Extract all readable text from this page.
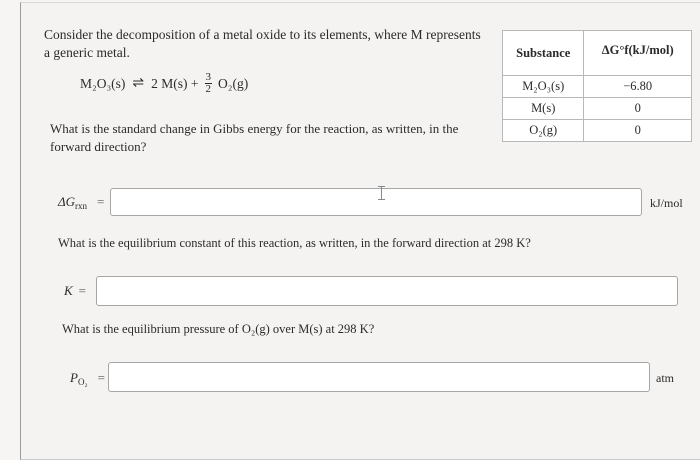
Consider the decomposition of a metal oxide to its elements, where M represents a generic metal.
M₂O₃(s) ⇌ 2 $M(s) + \frac{3}{2} O_2(g)$
What is the standard change in Gibbs energy for the reaction, as written, in the forward direction?
Substance	ΔG°f(kJ/mol)
M₂O₃(s)	−6.80
M(s)	0
O₂(g)	0
$\Delta G_{rxn}$ =	kJ/mol
What is the equilibrium constant of this reaction, as written, in the forward direction at 298 K?
K =
What is the equilibrium pressure of O₂(g) over M(s) at 298 K?
$P_{O_2}$ =	atm
